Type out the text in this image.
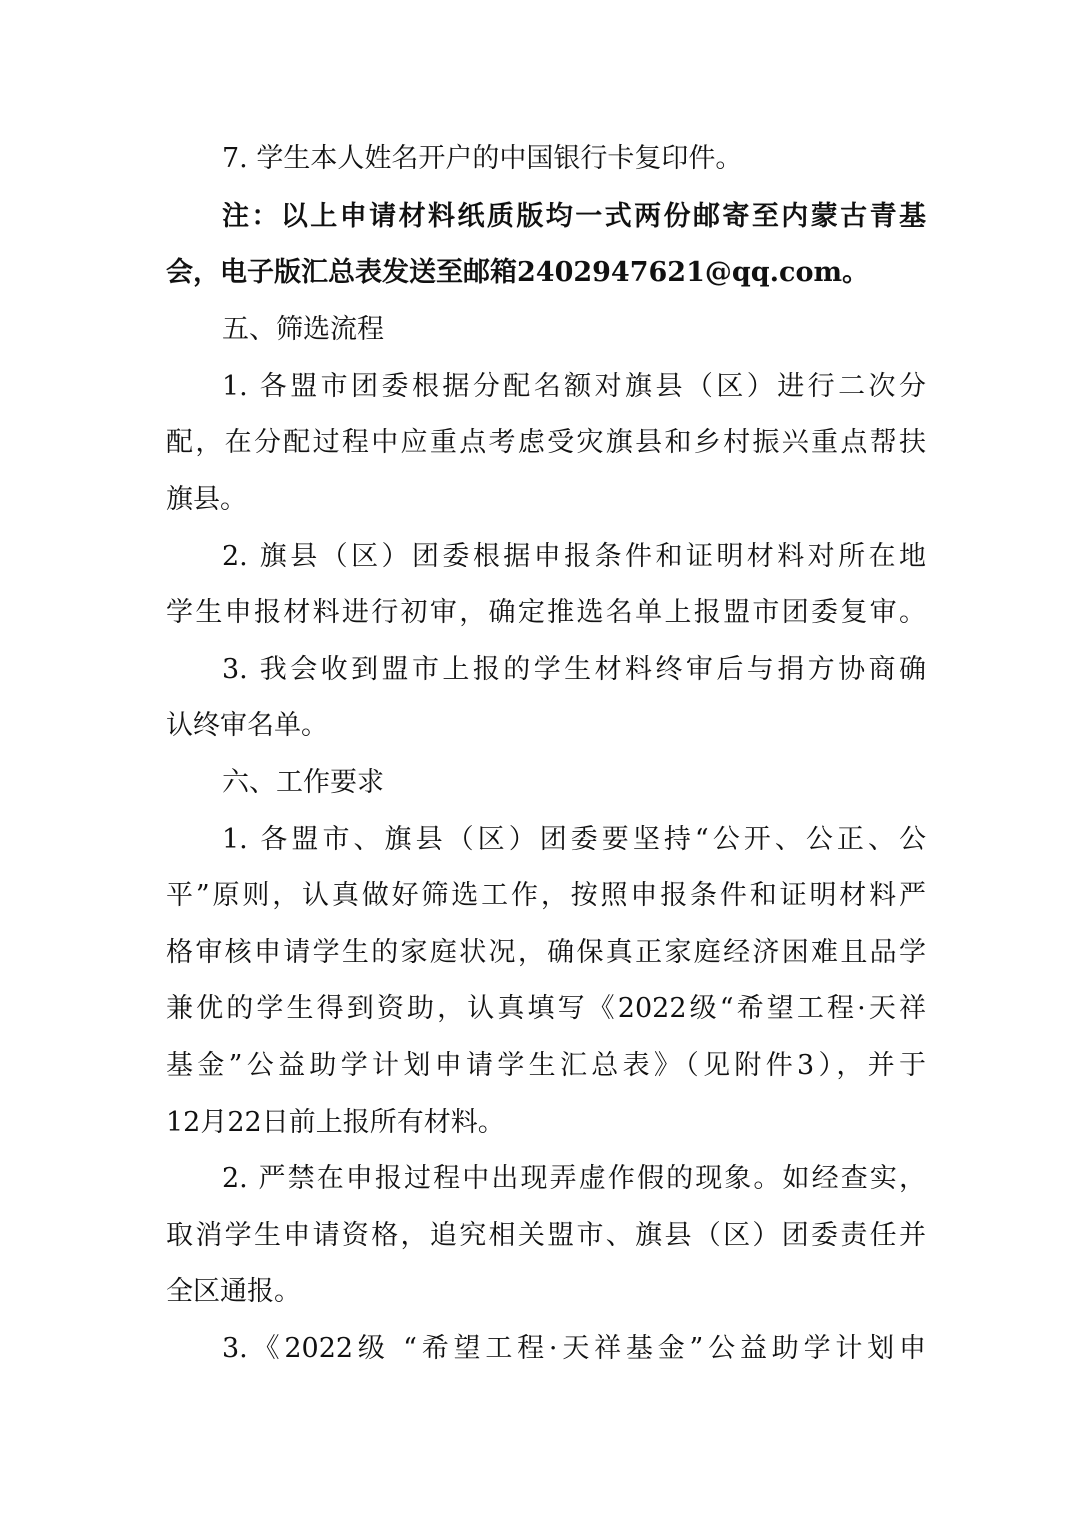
7. 学生本人姓名开户的中国银行卡复印件。
注：以上申请材料纸质版均一式两份邮寄至内蒙古青基
会，电子版汇总表发送至邮箱2402947621@qq.com。
五、筛选流程
1. 各盟市团委根据分配名额对旗县（区）进行二次分
配，在分配过程中应重点考虑受灾旗县和乡村振兴重点帮扶
旗县。
2. 旗县（区）团委根据申报条件和证明材料对所在地
学生申报材料进行初审，确定推选名单上报盟市团委复审。
3. 我会收到盟市上报的学生材料终审后与捐方协商确
认终审名单。
六、工作要求
1. 各盟市、旗县（区）团委要坚持“公开、公正、公
平”原则，认真做好筛选工作，按照申报条件和证明材料严
格审核申请学生的家庭状况，确保真正家庭经济困难且品学
兼优的学生得到资助，认真填写《2022级“希望工程·天祥
基金”公益助学计划申请学生汇总表》（见附件3），并于
12月22日前上报所有材料。
2. 严禁在申报过程中出现弄虚作假的现象。如经查实，
取消学生申请资格，追究相关盟市、旗县（区）团委责任并
全区通报。
3.《2022级 “希望工程·天祥基金”公益助学计划申
